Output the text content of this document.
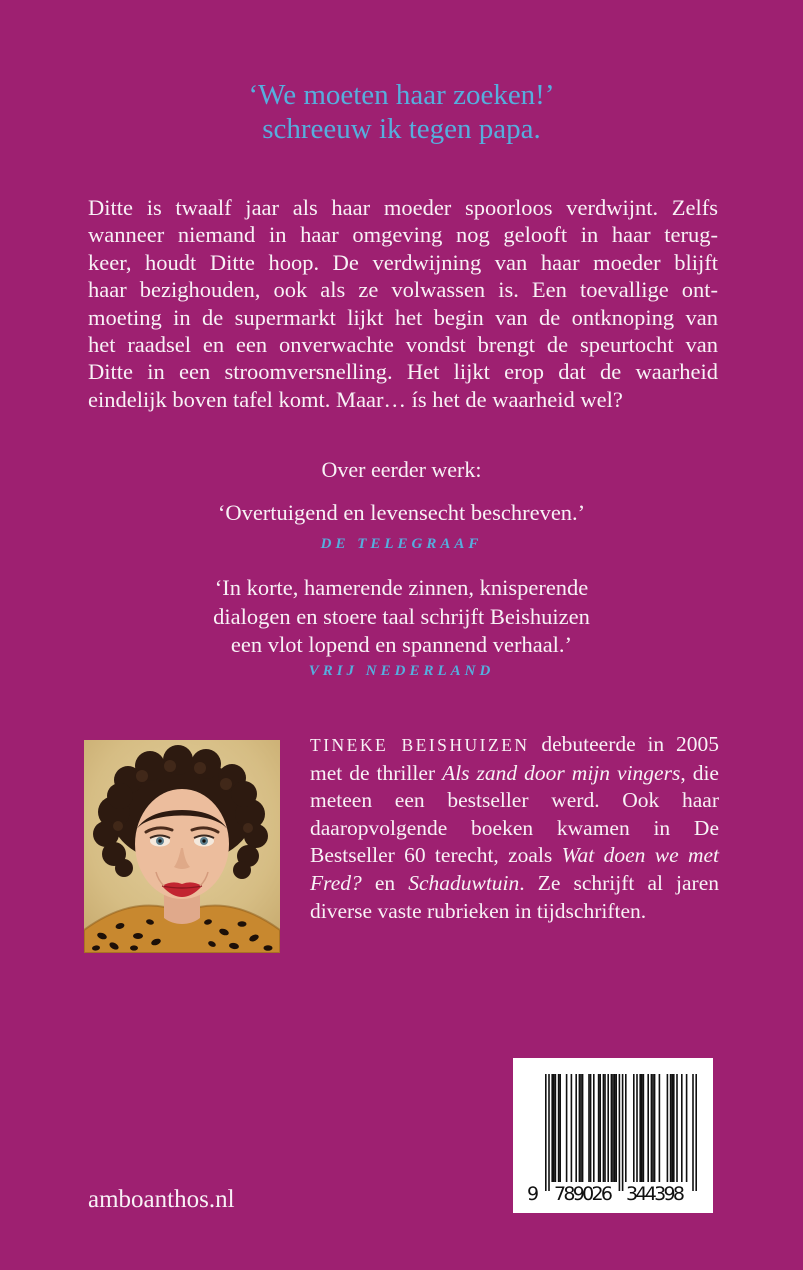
‘We moeten haar zoeken!’
schreeuw ik tegen papa.
Ditte is twaalf jaar als haar moeder spoorloos verdwijnt. Zelfs
wanneer niemand in haar omgeving nog gelooft in haar terug-
keer, houdt Ditte hoop. De verdwijning van haar moeder blijft
haar bezighouden, ook als ze volwassen is. Een toevallige ont-
moeting in de supermarkt lijkt het begin van de ontknoping van
het raadsel en een onverwachte vondst brengt de speurtocht van
Ditte in een stroomversnelling. Het lijkt erop dat de waarheid
eindelijk boven tafel komt. Maar… ís het de waarheid wel?
Over eerder werk:
‘Overtuigend en levensecht beschreven.’
DE TELEGRAAF
‘In korte, hamerende zinnen, knisperende
dialogen en stoere taal schrijft Beishuizen
een vlot lopend en spannend verhaal.’
VRIJ NEDERLAND
TINEKE BEISHUIZEN debuteerde in 2005 met de thriller Als zand door mijn vingers, die meteen een bestseller werd. Ook haar daaropvolgende boeken kwamen in De Bestseller 60 terecht, zoals Wat doen we met Fred? en Schaduwtuin. Ze schrijft al jaren diverse vaste rubrieken in tijdschriften.
9 789026 344398
amboanthos.nl
